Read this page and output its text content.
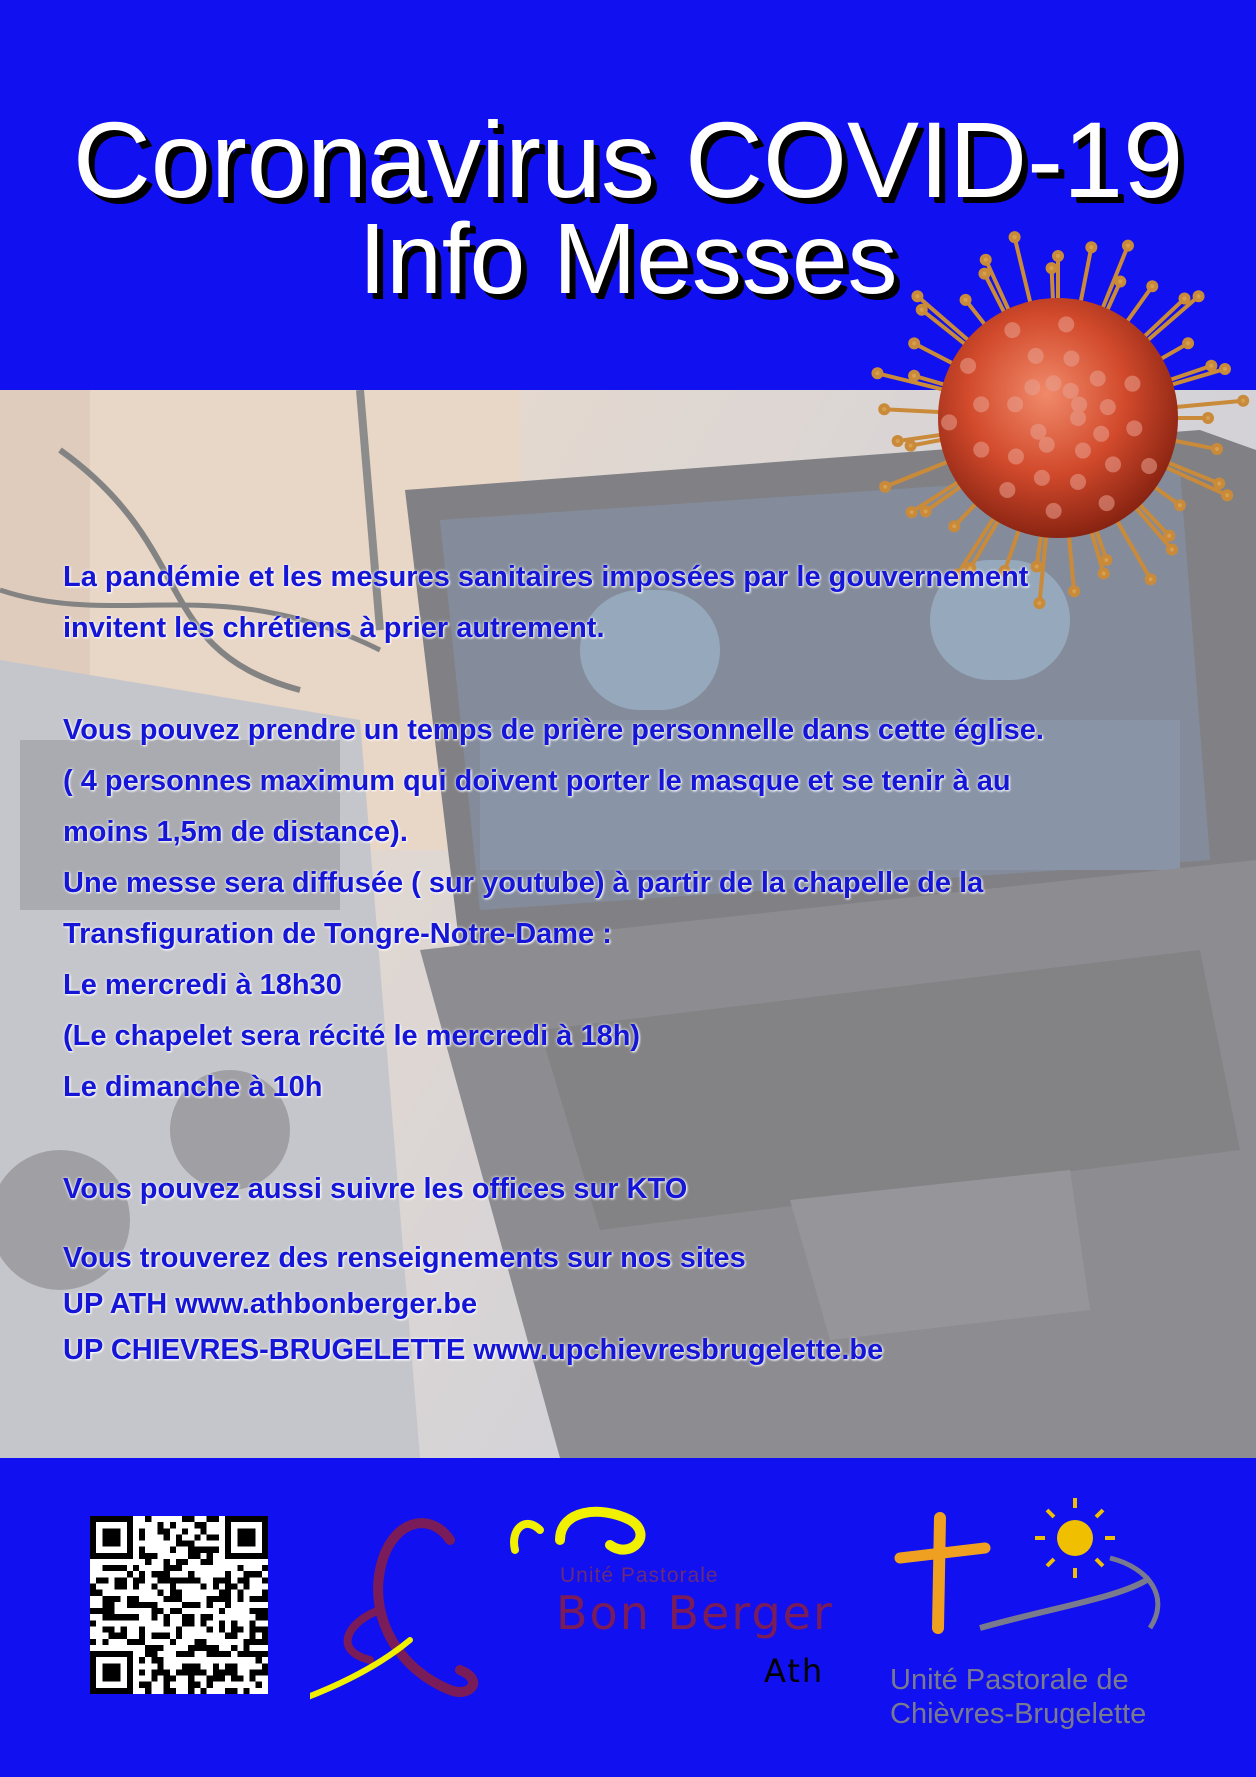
Coronavirus COVID-19
Info Messes

La pandémie et les mesures sanitaires imposées par le gouvernement

invitent les chrétiens à prier autrement.

Vous pouvez prendre un temps de prière personnelle dans cette église.

( 4 personnes maximum qui doivent porter le masque et se tenir à au

moins 1,5m de distance).

Une messe sera diffusée ( sur youtube) à partir de la chapelle de la

Transfiguration de Tongre-Notre-Dame :

Le mercredi à 18h30

(Le chapelet sera récité le mercredi à 18h)

Le dimanche à 10h

Vous pouvez aussi suivre les offices sur KTO

Vous trouverez des renseignements sur nos sites

UP ATH www.athbonberger.be

UP CHIEVRES-BRUGELETTE www.upchievresbrugelette.be

Unité Pastorale
Bon Berger
Ath Unité Pastorale de
Chièvres-Brugelette
